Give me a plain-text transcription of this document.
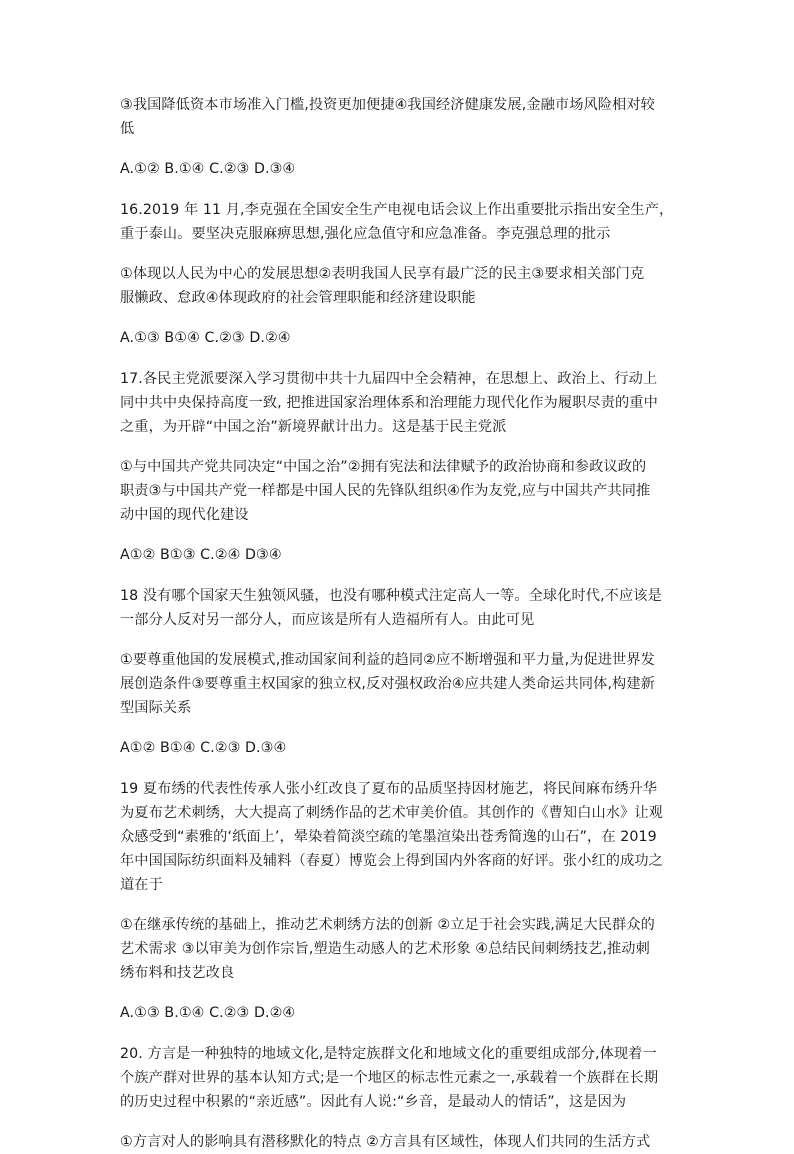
③我国降低资本市场准入门槛,投资更加便捷④我国经济健康发展,金融市场风险相对较
低
A.①② B.①④ C.②③ D.③④
16.2019 年 11 月,李克强在全国安全生产电视电话会议上作出重要批示指出安全生产，
重于泰山。要坚决克服麻痹思想,强化应急值守和应急准备。李克强总理的批示
①体现以人民为中心的发展思想②表明我国人民享有最广泛的民主③要求相关部门克
服懒政、怠政④体现政府的社会管理职能和经济建设职能
A.①③ B①④ C.②③ D.②④
17.各民主党派要深入学习贯彻中共十九届四中全会精神，在思想上、政治上、行动上
同中共中央保持高度一致, 把推进国家治理体系和治理能力现代化作为履职尽责的重中
之重，为开辟“中国之治”新境界献计出力。这是基于民主党派
①与中国共产党共同决定“中国之治”②拥有宪法和法律赋予的政治协商和参政议政的
职责③与中国共产党一样都是中国人民的先锋队组织④作为友党,应与中国共产共同推
动中国的现代化建设
A①② B①③ C.②④ D③④
18 没有哪个国家天生独领风骚，也没有哪种模式注定高人一等。全球化时代,不应该是
一部分人反对另一部分人，而应该是所有人造福所有人。由此可见
①要尊重他国的发展模式,推动国家间利益的趋同②应不断增强和平力量,为促进世界发
展创造条件③要尊重主权国家的独立权,反对强权政治④应共建人类命运共同体,构建新
型国际关系
A①② B①④ C.②③ D.③④
19 夏布绣的代表性传承人张小红改良了夏布的品质坚持因材施艺，将民间麻布绣升华
为夏布艺术刺绣，大大提高了刺绣作品的艺术审美价值。其创作的《曹知白山水》让观
众感受到“素雅的‘纸面上’，晕染着简淡空疏的笔墨渲染出苍秀简逸的山石”，在 2019
年中国国际纺织面料及辅料（春夏）博览会上得到国内外客商的好评。张小红的成功之
道在于
①在继承传统的基础上，推动艺术刺绣方法的创新 ②立足于社会实践,满足大民群众的
艺术需求 ③以审美为创作宗旨,塑造生动感人的艺术形象 ④总结民间刺绣技艺,推动刺
绣布料和技艺改良
A.①③ B.①④ C.②③ D.②④
20. 方言是一种独特的地域文化,是特定族群文化和地域文化的重要组成部分,体现着一
个族产群对世界的基本认知方式;是一个地区的标志性元素之一,承载着一个族群在长期
的历史过程中积累的“亲近感”。因此有人说:“乡音，是最动人的情话”，这是因为
①方言对人的影响具有潜移默化的特点 ②方言具有区域性，体现人们共同的生活方式
